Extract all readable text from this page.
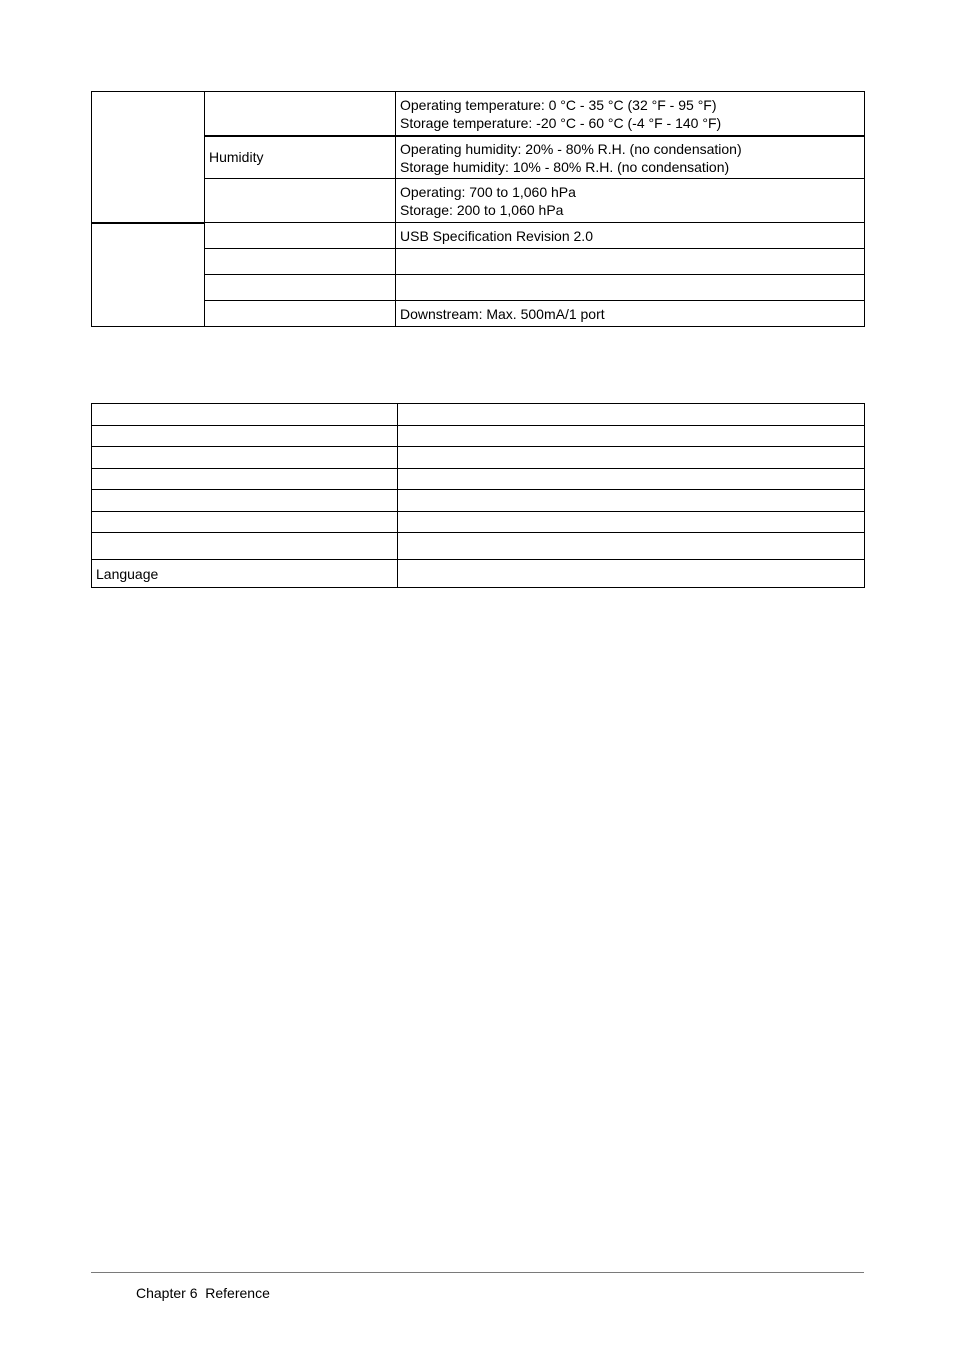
		Operating temperature: 0 °C - 35 °C (32 °F - 95 °F)
Storage temperature: -20 °C - 60 °C (-4 °F - 140 °F)

	Humidity	Operating humidity: 20% - 80% R.H. (no condensation)
Storage humidity: 10% - 80% R.H. (no condensation)

		Operating: 700 to 1,060 hPa
Storage: 200 to 1,060 hPa

		USB Specification Revision 2.0

		Downstream: Max. 500mA/1 port

Language	
Chapter 6  Reference
